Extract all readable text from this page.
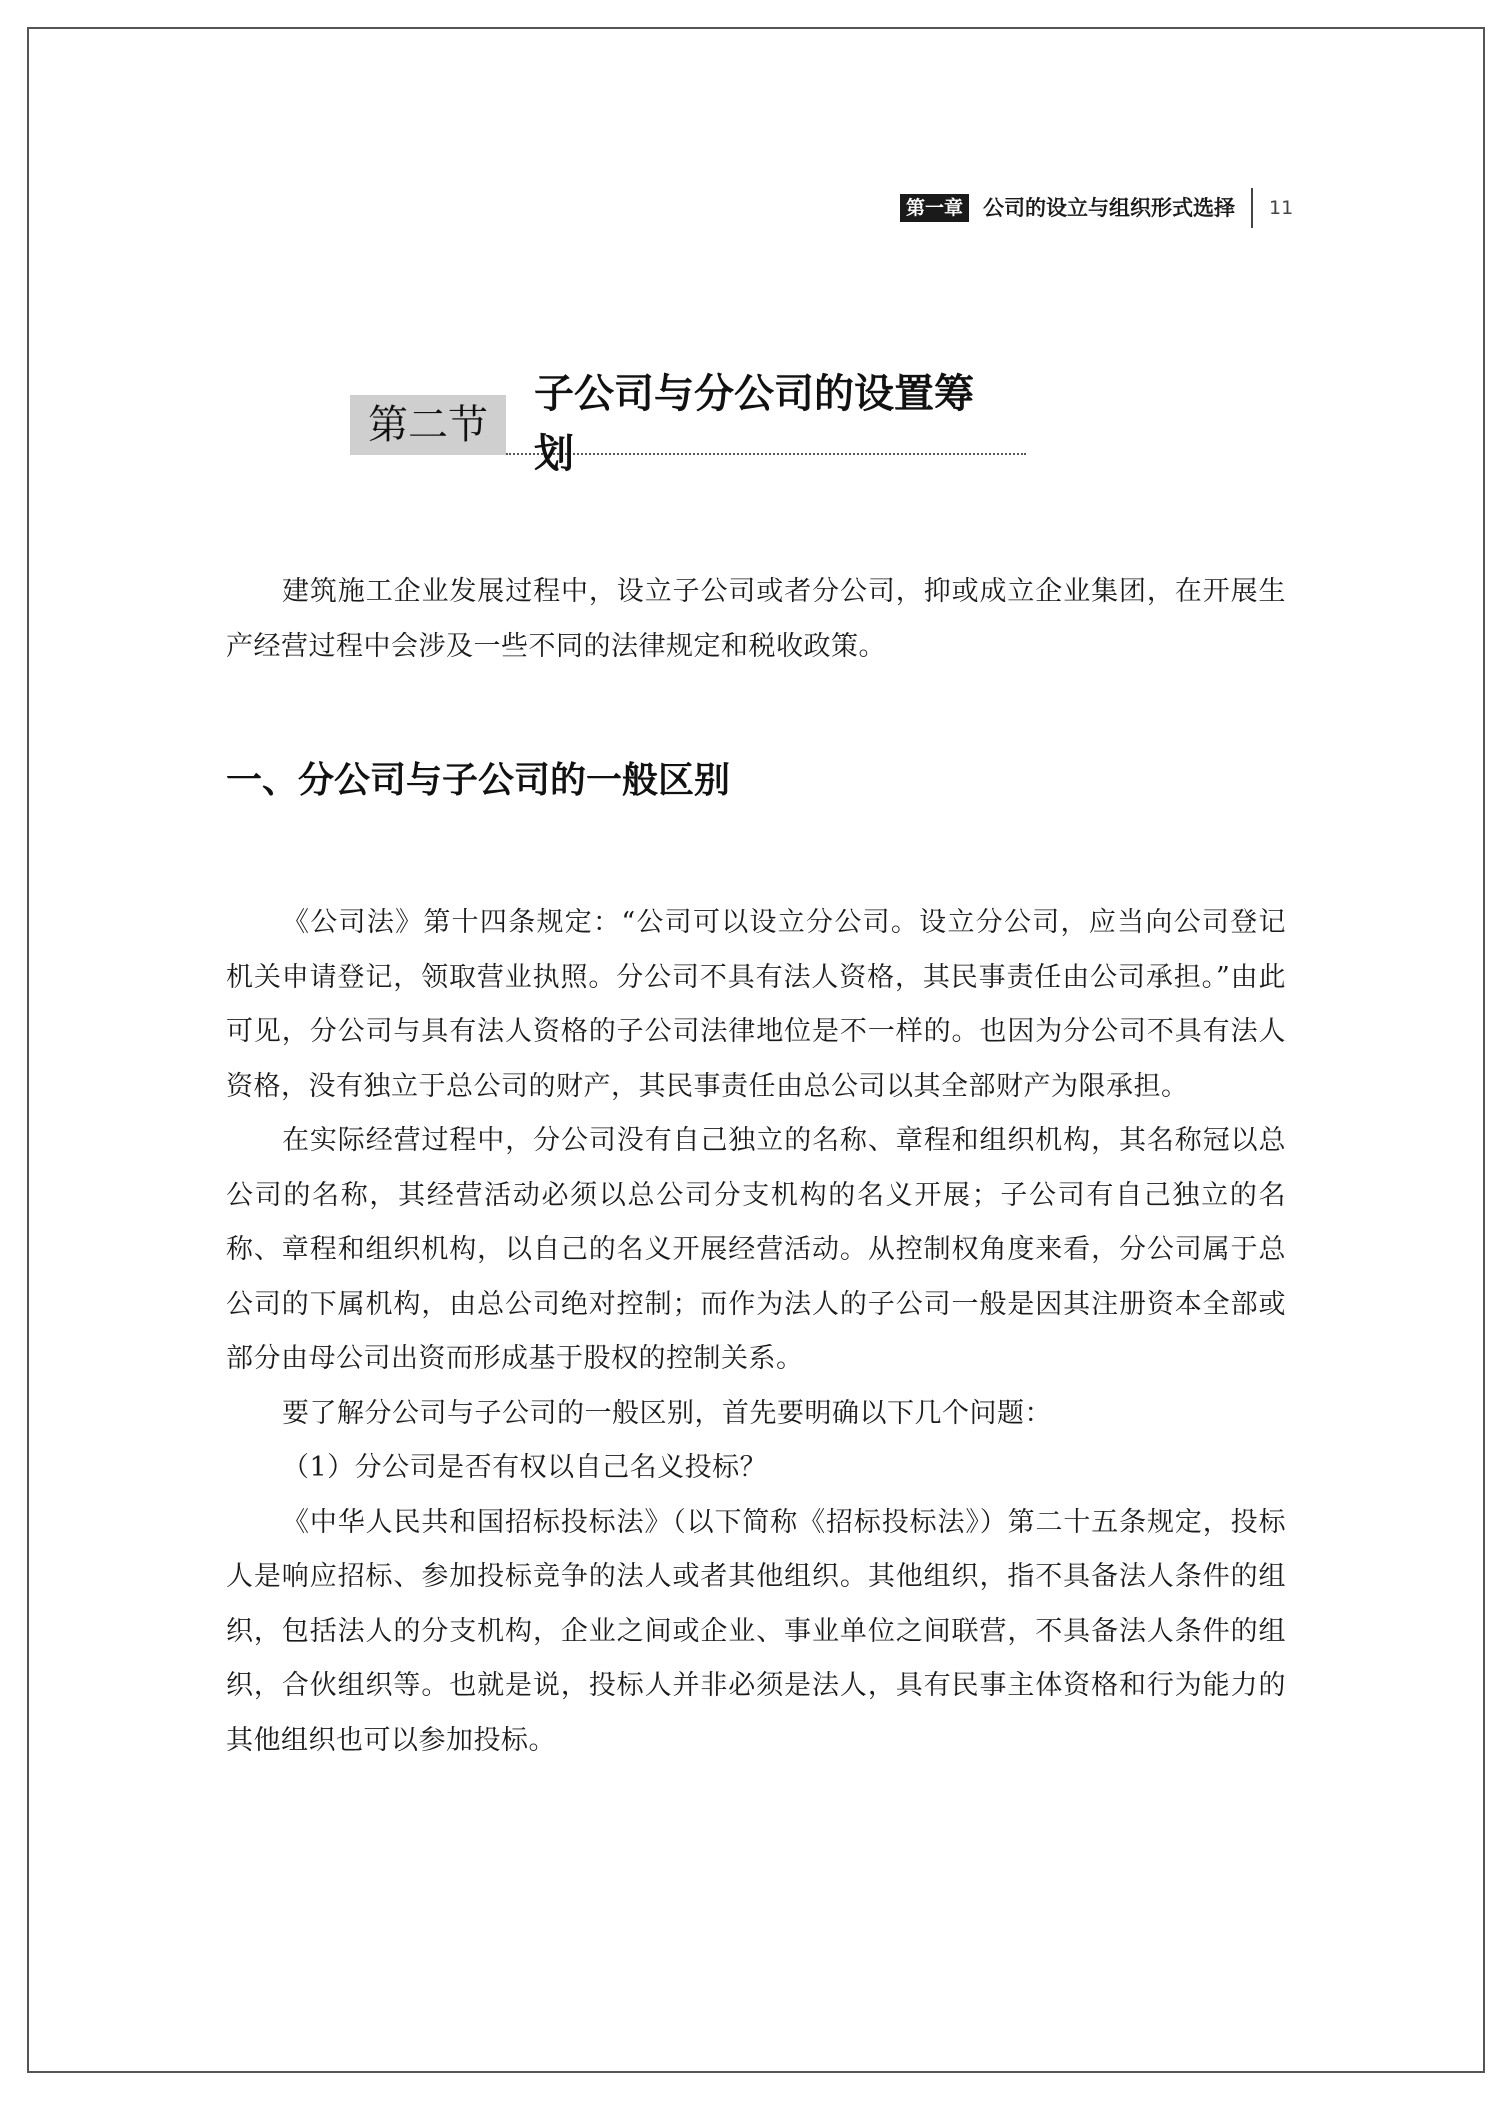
第一章 公司的设立与组织形式选择 11
第二节
子公司与分公司的设置筹划

建筑施工企业发展过程中，设立子公司或者分公司，抑或成立企业集团，在开展生产经营过程中会涉及一些不同的法律规定和税收政策。

一、分公司与子公司的一般区别

《公司法》第十四条规定：“公司可以设立分公司。设立分公司，应当向公司登记机关申请登记，领取营业执照。分公司不具有法人资格，其民事责任由公司承担。”由此可见，分公司与具有法人资格的子公司法律地位是不一样的。也因为分公司不具有法人资格，没有独立于总公司的财产，其民事责任由总公司以其全部财产为限承担。

在实际经营过程中，分公司没有自己独立的名称、章程和组织机构，其名称冠以总公司的名称，其经营活动必须以总公司分支机构的名义开展；子公司有自己独立的名称、章程和组织机构，以自己的名义开展经营活动。从控制权角度来看，分公司属于总公司的下属机构，由总公司绝对控制；而作为法人的子公司一般是因其注册资本全部或部分由母公司出资而形成基于股权的控制关系。

要了解分公司与子公司的一般区别，首先要明确以下几个问题：

（1）分公司是否有权以自己名义投标？

《中华人民共和国招标投标法》（以下简称《招标投标法》）第二十五条规定，投标人是响应招标、参加投标竞争的法人或者其他组织。其他组织，指不具备法人条件的组织，包括法人的分支机构，企业之间或企业、事业单位之间联营，不具备法人条件的组织，合伙组织等。也就是说，投标人并非必须是法人，具有民事主体资格和行为能力的其他组织也可以参加投标。
